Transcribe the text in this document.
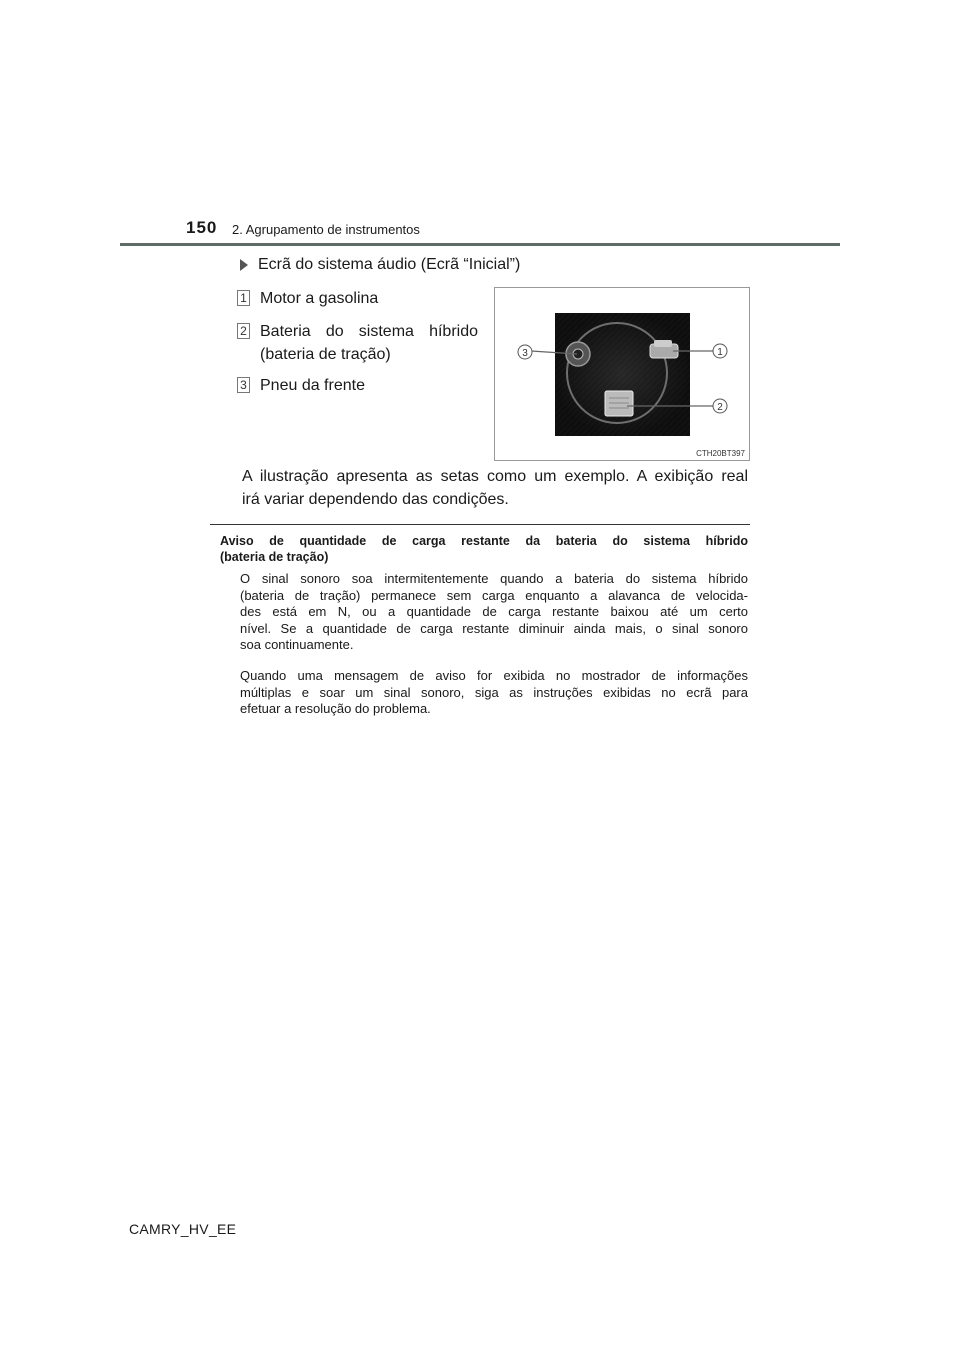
150 2. Agrupamento de instrumentos
Ecrã do sistema áudio (Ecrã “Inicial”)
1 Motor a gasolina
2 Bateria do sistema híbrido
(bateria de tração)
3 Pneu da frente
3	1
2
CTH20BT397
A ilustração apresenta as setas como um exemplo. A exibição real
irá variar dependendo das condições.
Aviso de quantidade de carga restante da bateria do sistema híbrido
(bateria de tração)
O sinal sonoro soa intermitentemente quando a bateria do sistema híbrido
(bateria de tração) permanece sem carga enquanto a alavanca de velocida-
des está em N, ou a quantidade de carga restante baixou até um certo
nível. Se a quantidade de carga restante diminuir ainda mais, o sinal sonoro
soa continuamente.
Quando uma mensagem de aviso for exibida no mostrador de informações
múltiplas e soar um sinal sonoro, siga as instruções exibidas no ecrã para
efetuar a resolução do problema.
CAMRY_HV_EE
